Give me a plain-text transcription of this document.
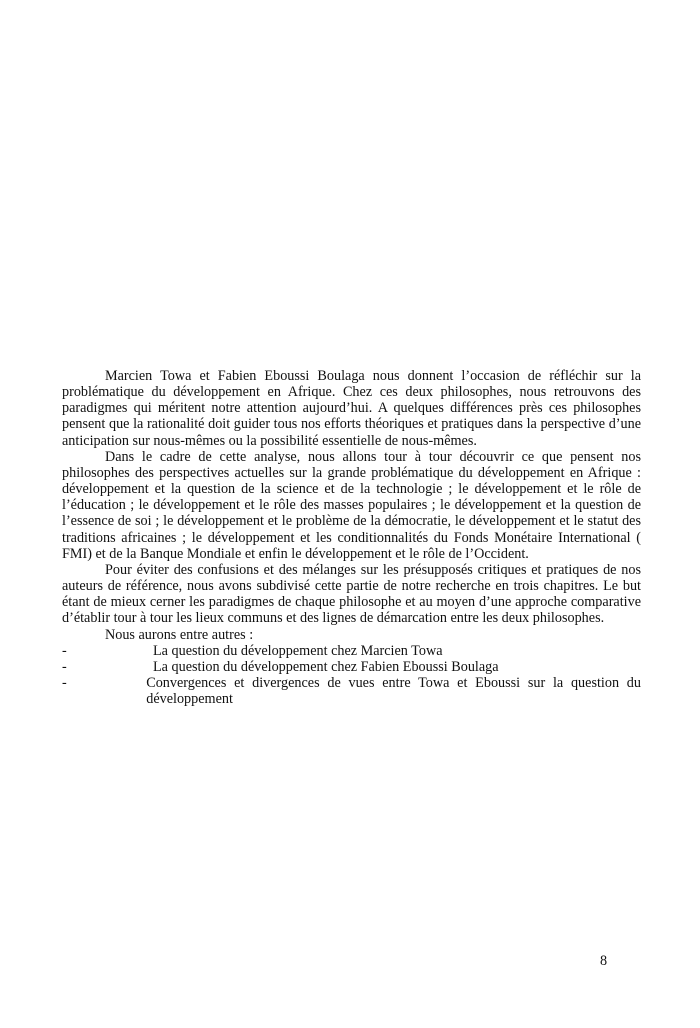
Marcien Towa et Fabien Eboussi Boulaga nous donnent l’occasion de réfléchir sur la problématique du développement en Afrique. Chez ces deux philosophes, nous retrouvons des paradigmes qui méritent notre attention aujourd’hui. A quelques différences près ces philosophes pensent que la rationalité doit guider tous nos efforts théoriques et pratiques dans la perspective d’une anticipation sur nous-mêmes ou la possibilité essentielle de nous-mêmes.

Dans le cadre de cette analyse, nous allons tour à tour découvrir ce que pensent nos philosophes des perspectives actuelles sur la grande problématique du développement en Afrique : développement et la question de la science et de la technologie ; le développement et le rôle de l’éducation ; le développement et le rôle des masses populaires ; le développement et la question de l’essence de soi ; le développement et le problème de la démocratie, le développement et le statut des traditions africaines ; le développement et les conditionnalités du Fonds Monétaire International ( FMI) et de la Banque Mondiale et enfin le développement et le rôle de l’Occident.

Pour éviter des confusions et des mélanges sur les présupposés critiques et pratiques de nos auteurs de référence, nous avons subdivisé cette partie de notre recherche en trois chapitres. Le but étant de mieux cerner les paradigmes de chaque philosophe et au moyen d’une approche comparative d’établir tour à tour les lieux communs et des lignes de démarcation entre les deux philosophes.

Nous aurons entre autres :

-	La question du développement chez Marcien Towa
-	La question du développement chez Fabien Eboussi Boulaga
-	Convergences et divergences de vues entre Towa et Eboussi sur la question du développement
8
